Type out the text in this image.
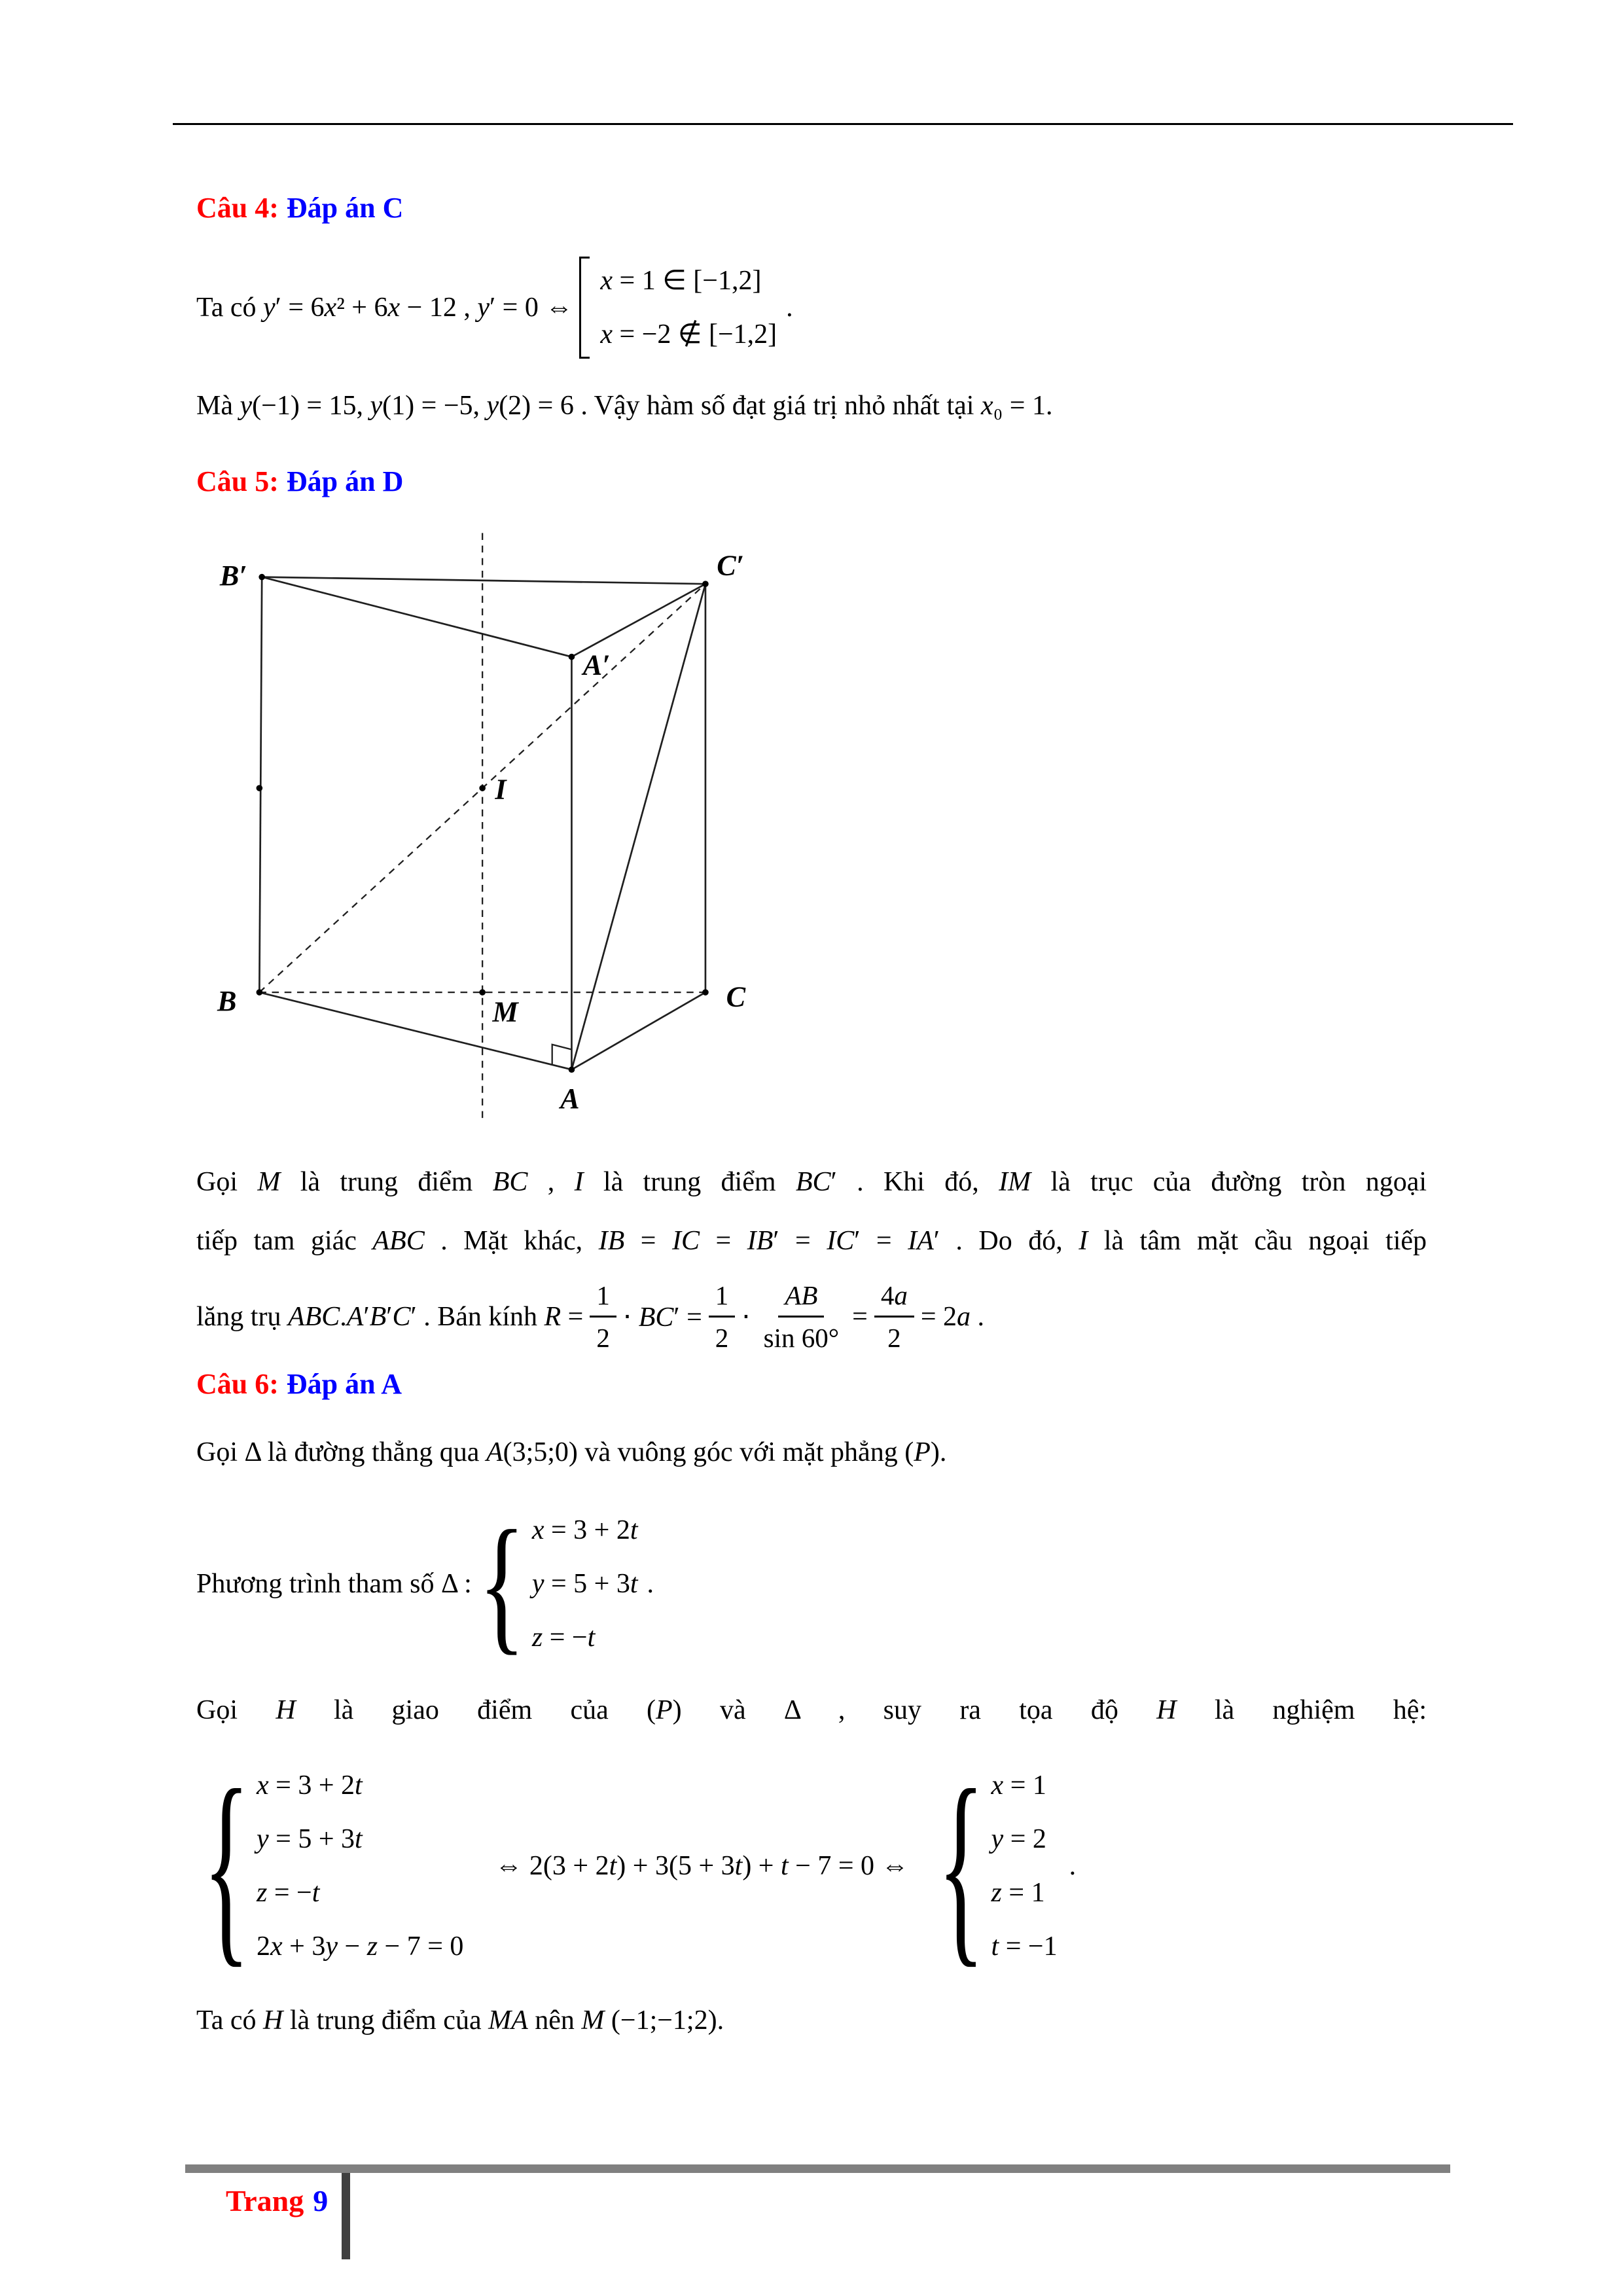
Câu 4: Đáp án C
Ta có y′ = 6x² + 6x − 12 , y′ = 0 ⇔
x = 1 ∈ [−1,2]
x = −2 ∉ [−1,2]
.

Mà y(−1) = 15, y(1) = −5, y(2) = 6 . Vậy hàm số đạt giá trị nhỏ nhất tại x₀ = 1.

Câu 5: Đáp án D
B′	C′
A′
I
B	M	C
A

Gọi M là trung điểm BC , I là trung điểm BC′ . Khi đó, IM là trục của đường tròn ngoại

tiếp tam giác ABC . Mặt khác, IB = IC = IB′ = IC′ = IA′ . Do đó, I là tâm mặt cầu ngoại tiếp

lăng trụ ABC.A′B′C′ . Bán kính $R = \frac{1}{2} \cdot BC' = \frac{1}{2} \cdot \frac{AB}{\sin 60^\circ} = \frac{4a}{2} = 2a$ .
Câu 6: Đáp án A

Gọi Δ là đường thẳng qua A(3;5;0) và vuông góc với mặt phẳng (P).

Phương trình tham số Δ : { x = 3 + 2t
y = 5 + 3t
z = −t
.

Gọi H là giao điểm của (P) và Δ , suy ra tọa độ H là nghiệm hệ:

{ x = 3 + 2t
y = 5 + 3t
z = −t
2x + 3y − z − 7 = 0
⇔ 2(3 + 2t) + 3(5 + 3t) + t − 7 = 0 ⇔ { x = 1
y = 2
z = 1
t = −1
.

Ta có H là trung điểm của MA nên M (−1;−1;2).

Trang 9
